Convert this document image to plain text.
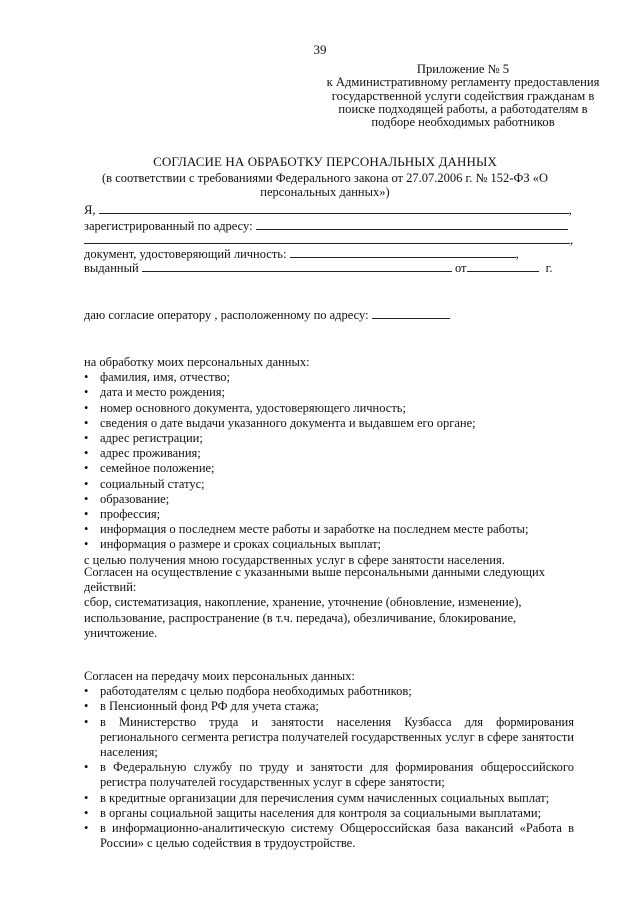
39
Приложение № 5
к Административному регламенту предоставления
государственной услуги содействия гражданам в
поиске подходящей работы, а работодателям в
подборе необходимых работников
СОГЛАСИЕ НА ОБРАБОТКУ ПЕРСОНАЛЬНЫХ ДАННЫХ
(в соответствии с требованиями Федерального закона от 27.07.2006 г. № 152-ФЗ «О персональных данных»)
Я,	,
зарегистрированный по адресу:
,
документ, удостоверяющий личность:	,
выданный	от	г.
даю согласие оператору , расположенному по адресу:
на обработку моих персональных данных:
• фамилия, имя, отчество;
• дата и место рождения;
• номер основного документа, удостоверяющего личность;
• сведения о дате выдачи указанного документа и выдавшем его органе;
• адрес регистрации;
• адрес проживания;
• семейное положение;
• социальный статус;
• образование;
• профессия;
• информация о последнем месте работы и заработке на последнем месте работы;
• информация о размере и сроках социальных выплат;
с целью получения мною государственных услуг в сфере занятости населения.
Согласен на осуществление с указанными выше персональными данными следующих действий:
сбор, систематизация, накопление, хранение, уточнение (обновление, изменение), использование, распространение (в т.ч. передача), обезличивание, блокирование, уничтожение.
Согласен на передачу моих персональных данных:
• работодателям с целью подбора необходимых работников;
• в Пенсионный фонд РФ для учета стажа;
• в Министерство труда и занятости населения Кузбасса для формирования регионального сегмента регистра получателей государственных услуг в сфере занятости населения;
• в Федеральную службу по труду и занятости для формирования общероссийского регистра получателей государственных услуг в сфере занятости;
• в кредитные организации для перечисления сумм начисленных социальных выплат;
• в органы социальной защиты населения для контроля за социальными выплатами;
• в информационно-аналитическую систему Общероссийская база вакансий «Работа в России» с целью содействия в трудоустройстве.
